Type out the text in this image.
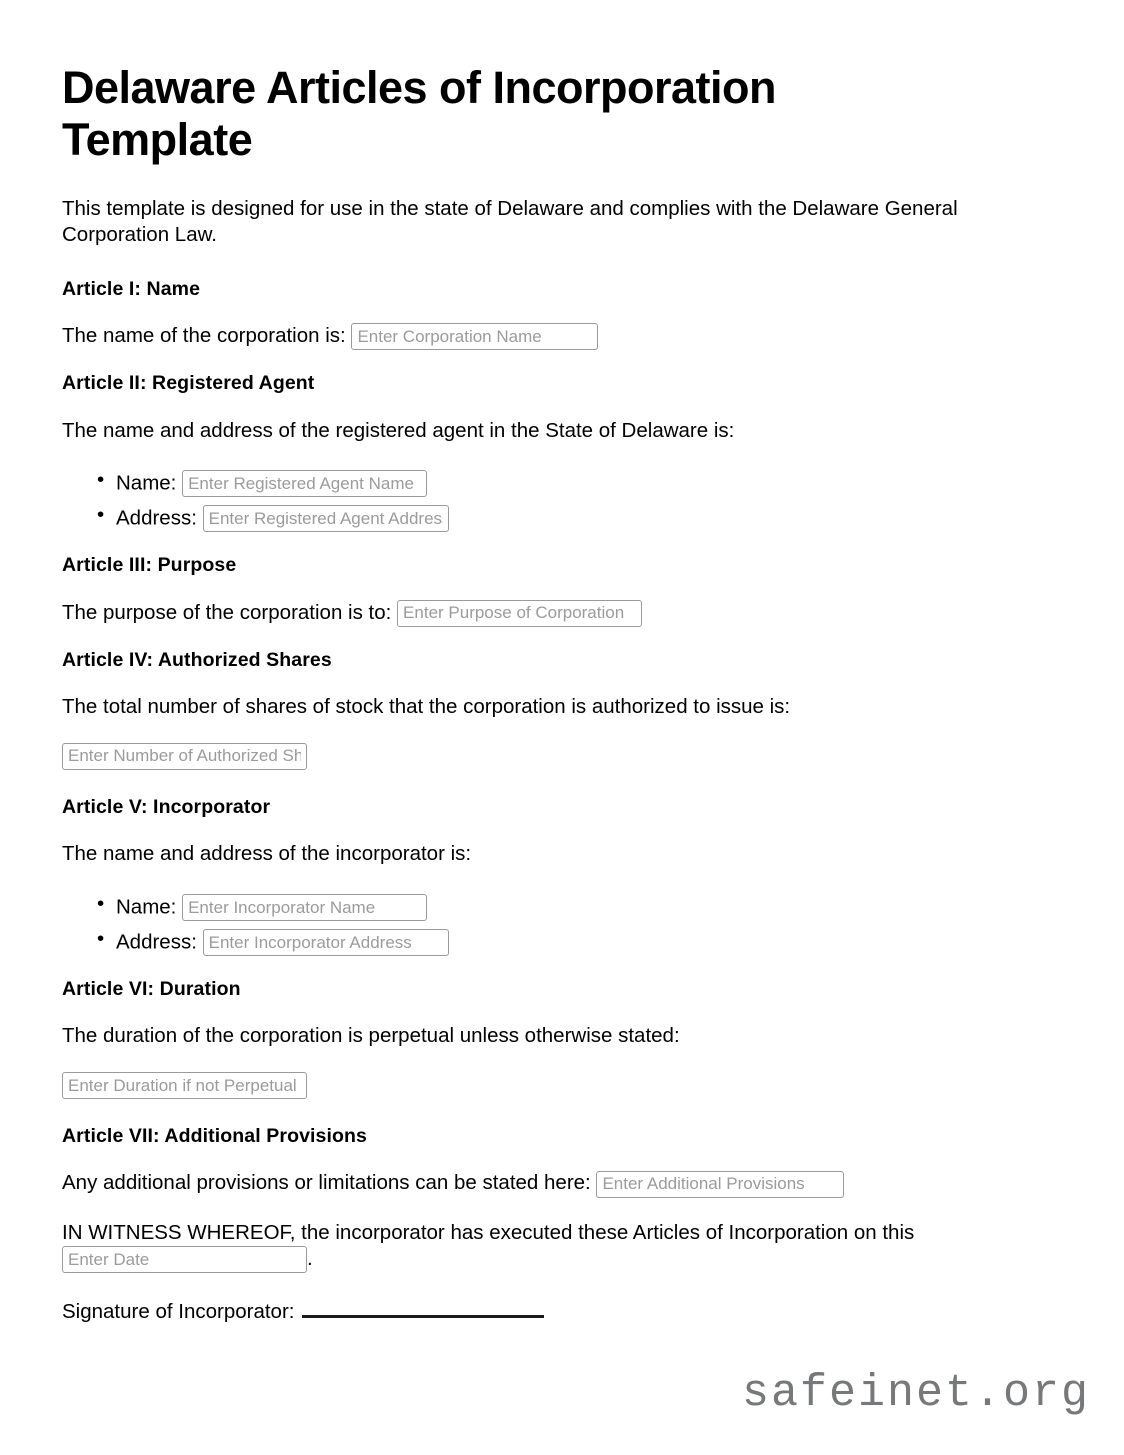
Delaware Articles of Incorporation Template

This template is designed for use in the state of Delaware and complies with the Delaware General Corporation Law.

Article I: Name

The name of the corporation is: Enter Corporation Name

Article II: Registered Agent

The name and address of the registered agent in the State of Delaware is:

• Name: Enter Registered Agent Name
• Address: Enter Registered Agent Address
Article III: Purpose

The purpose of the corporation is to: Enter Purpose of Corporation

Article IV: Authorized Shares

The total number of shares of stock that the corporation is authorized to issue is:

Enter Number of Authorized Shares
Article V: Incorporator

The name and address of the incorporator is:

• Name: Enter Incorporator Name
• Address: Enter Incorporator Address
Article VI: Duration

The duration of the corporation is perpetual unless otherwise stated:

Enter Duration if not Perpetual
Article VII: Additional Provisions

Any additional provisions or limitations can be stated here: Enter Additional Provisions

IN WITNESS WHEREOF, the incorporator has executed these Articles of Incorporation on this Enter Date.

Signature of Incorporator:

safeinet.org
